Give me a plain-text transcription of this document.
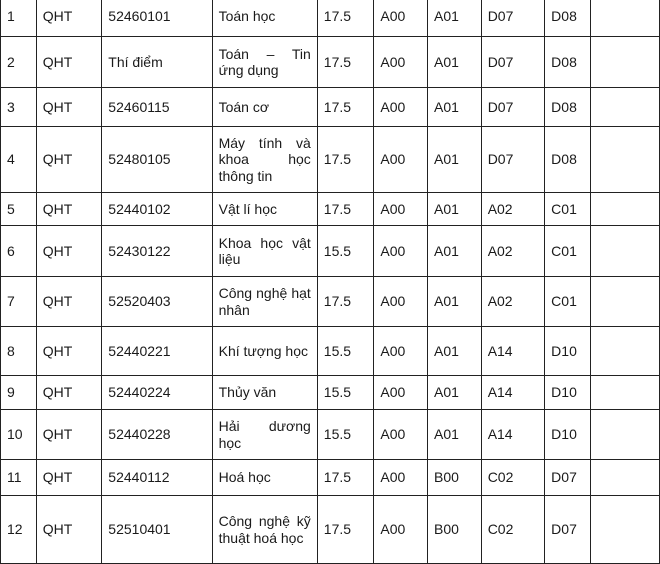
1	QHT	52460101	Toán học	17.5	A00	A01	D07	D08	
2	QHT	Thí điểm	Toán – Tin ứng dụng	17.5	A00	A01	D07	D08	
3	QHT	52460115	Toán cơ	17.5	A00	A01	D07	D08	
4	QHT	52480105	Máy tính và khoa học thông tin	17.5	A00	A01	D07	D08	
5	QHT	52440102	Vật lí học	17.5	A00	A01	A02	C01	
6	QHT	52430122	Khoa học vật liệu	15.5	A00	A01	A02	C01	
7	QHT	52520403	Công nghệ hạt nhân	17.5	A00	A01	A02	C01	
8	QHT	52440221	Khí tượng học	15.5	A00	A01	A14	D10	
9	QHT	52440224	Thủy văn	15.5	A00	A01	A14	D10	
10	QHT	52440228	Hải dương học	15.5	A00	A01	A14	D10	
11	QHT	52440112	Hoá học	17.5	A00	B00	C02	D07	
12	QHT	52510401	Công nghệ kỹ thuật hoá học	17.5	A00	B00	C02	D07	
